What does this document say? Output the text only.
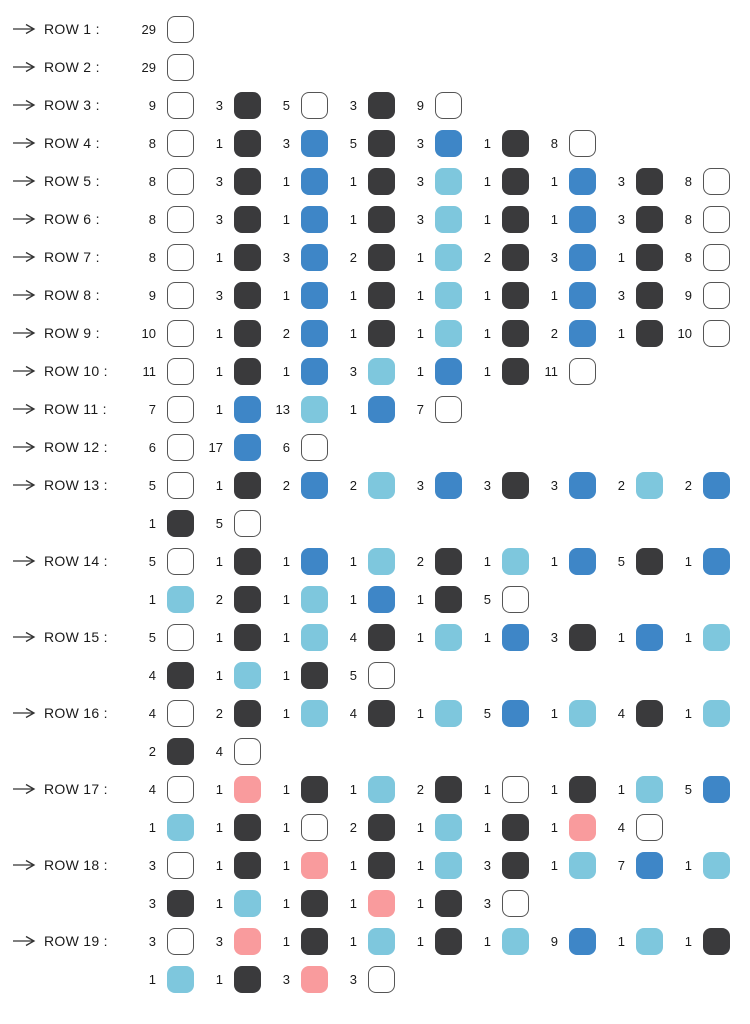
ROW 1 :	29
ROW 2 :	29
ROW 3 :	9	3	5	3	9
ROW 4 :	8	1	3	5	3	1	8
ROW 5 :	8	3	1	1	3	1	1	3	8
ROW 6 :	8	3	1	1	3	1	1	3	8
ROW 7 :	8	1	3	2	1	2	3	1	8
ROW 8 :	9	3	1	1	1	1	1	3	9
ROW 9 :	10	1	2	1	1	1	2	1	10
ROW 10 :	11	1	1	3	1	1	11
ROW 11 :	7	1	13	1	7
ROW 12 :	6	17	6
ROW 13 :	5	1	2	2	3	3	3	2	2
1	5
ROW 14 :	5	1	1	1	2	1	1	5	1
1	2	1	1	1	5
ROW 15 :	5	1	1	4	1	1	3	1	1
4	1	1	5
ROW 16 :	4	2	1	4	1	5	1	4	1
2	4
ROW 17 :	4	1	1	1	2	1	1	1	5
1	1	1	2	1	1	1	4
ROW 18 :	3	1	1	1	1	3	1	7	1
3	1	1	1	1	3
ROW 19 :	3	3	1	1	1	1	9	1	1
1	1	3	3
